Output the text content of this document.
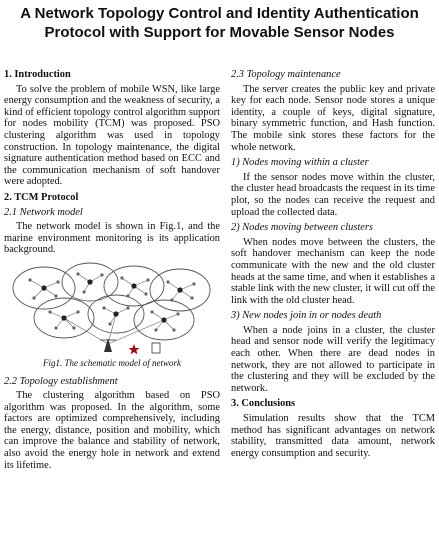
A Network Topology Control and Identity Authentication Protocol with Support for Movable Sensor Nodes
1. Introduction

To solve the problem of mobile WSN, like large energy consumption and the weakness of security, a kind of efficient topology control algorithm support for nodes mobility (TCM) was proposed. PSO clustering algorithm was used in topology construction. In topology maintenance, the digital signature authentication method based on ECC and the communication mechanism of soft handover were adopted.

2. TCM Protocol
2.1 Network model

The network model is shown in Fig.1, and the marine environment monitoring is its application background.

Fig1. The schematic model of network
2.2 Topology establishment

The clustering algorithm based on PSO algorithm was proposed. In the algorithm, some factors are optimized comprehensively, including the energy, distance, position and mobility, which can improve the balance and stability of network, also avoid the energy hole in network and extend its lifetime.

2.3 Topology maintenance

The server creates the public key and private key for each node. Sensor node stores a unique identity, a couple of keys, digital signature, binary symmetric function, and Hash function. The mobile sink stores these factors for the whole network.

1) Nodes moving within a cluster

If the sensor nodes move within the cluster, the cluster head broadcasts the request in its time plot, so the nodes can receive the request and upload the collected data.

2) Nodes moving between clusters

When nodes move between the clusters, the soft handover mechanism can keep the node communicate with the new and the old cluster heads at the same time, and when it establishes a stable link with the new cluster, it will cut off the link with the old cluster head.

3) New nodes join in or nodes death

When a node joins in a cluster, the cluster head and sensor node will verify the legitimacy each other. When there are dead nodes in network, they are not allowed to participate in the clustering and they will be excluded by the network.

3. Conclusions

Simulation results show that the TCM method has significant advantages on network stability, transmitted data amount, network energy consumption and security.
